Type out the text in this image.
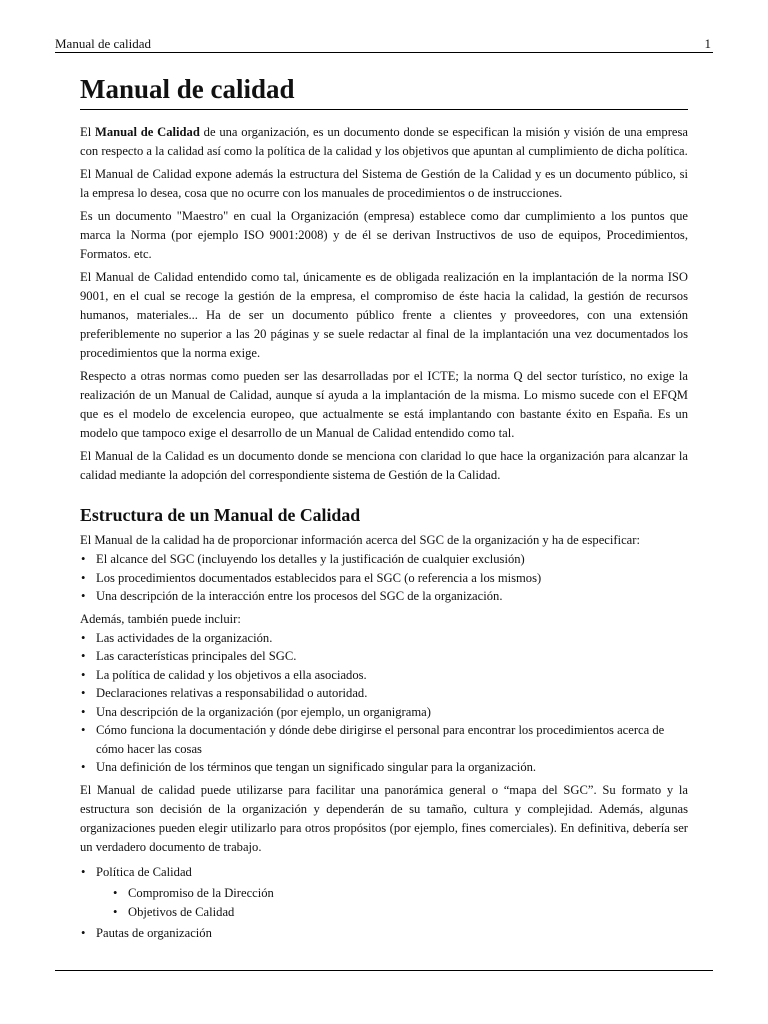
Manual de calidad	1
Manual de calidad

El Manual de Calidad de una organización, es un documento donde se especifican la misión y visión de una empresa con respecto a la calidad así como la política de la calidad y los objetivos que apuntan al cumplimiento de dicha política.

El Manual de Calidad expone además la estructura del Sistema de Gestión de la Calidad y es un documento público, si la empresa lo desea, cosa que no ocurre con los manuales de procedimientos o de instrucciones.

Es un documento "Maestro" en cual la Organización (empresa) establece como dar cumplimiento a los puntos que marca la Norma (por ejemplo ISO 9001:2008) y de él se derivan Instructivos de uso de equipos, Procedimientos, Formatos. etc.

El Manual de Calidad entendido como tal, únicamente es de obligada realización en la implantación de la norma ISO 9001, en el cual se recoge la gestión de la empresa, el compromiso de éste hacia la calidad, la gestión de recursos humanos, materiales... Ha de ser un documento público frente a clientes y proveedores, con una extensión preferiblemente no superior a las 20 páginas y se suele redactar al final de la implantación una vez documentados los procedimientos que la norma exige.

Respecto a otras normas como pueden ser las desarrolladas por el ICTE; la norma Q del sector turístico, no exige la realización de un Manual de Calidad, aunque sí ayuda a la implantación de la misma. Lo mismo sucede con el EFQM que es el modelo de excelencia europeo, que actualmente se está implantando con bastante éxito en España. Es un modelo que tampoco exige el desarrollo de un Manual de Calidad entendido como tal.

El Manual de la Calidad es un documento donde se menciona con claridad lo que hace la organización para alcanzar la calidad mediante la adopción del correspondiente sistema de Gestión de la Calidad.

Estructura de un Manual de Calidad

El Manual de la calidad ha de proporcionar información acerca del SGC de la organización y ha de especificar:

• El alcance del SGC (incluyendo los detalles y la justificación de cualquier exclusión)
• Los procedimientos documentados establecidos para el SGC (o referencia a los mismos)
• Una descripción de la interacción entre los procesos del SGC de la organización.

Además, también puede incluir:

• Las actividades de la organización.
• Las características principales del SGC.
• La política de calidad y los objetivos a ella asociados.
• Declaraciones relativas a responsabilidad o autoridad.
• Una descripción de la organización (por ejemplo, un organigrama)
• Cómo funciona la documentación y dónde debe dirigirse el personal para encontrar los procedimientos acerca de cómo hacer las cosas
• Una definición de los términos que tengan un significado singular para la organización.

El Manual de calidad puede utilizarse para facilitar una panorámica general o “mapa del SGC”. Su formato y la estructura son decisión de la organización y dependerán de su tamaño, cultura y complejidad. Además, algunas organizaciones pueden elegir utilizarlo para otros propósitos (por ejemplo, fines comerciales). En definitiva, debería ser un verdadero documento de trabajo.

• Política de Calidad
• Compromiso de la Dirección
• Objetivos de Calidad
• Pautas de organización
